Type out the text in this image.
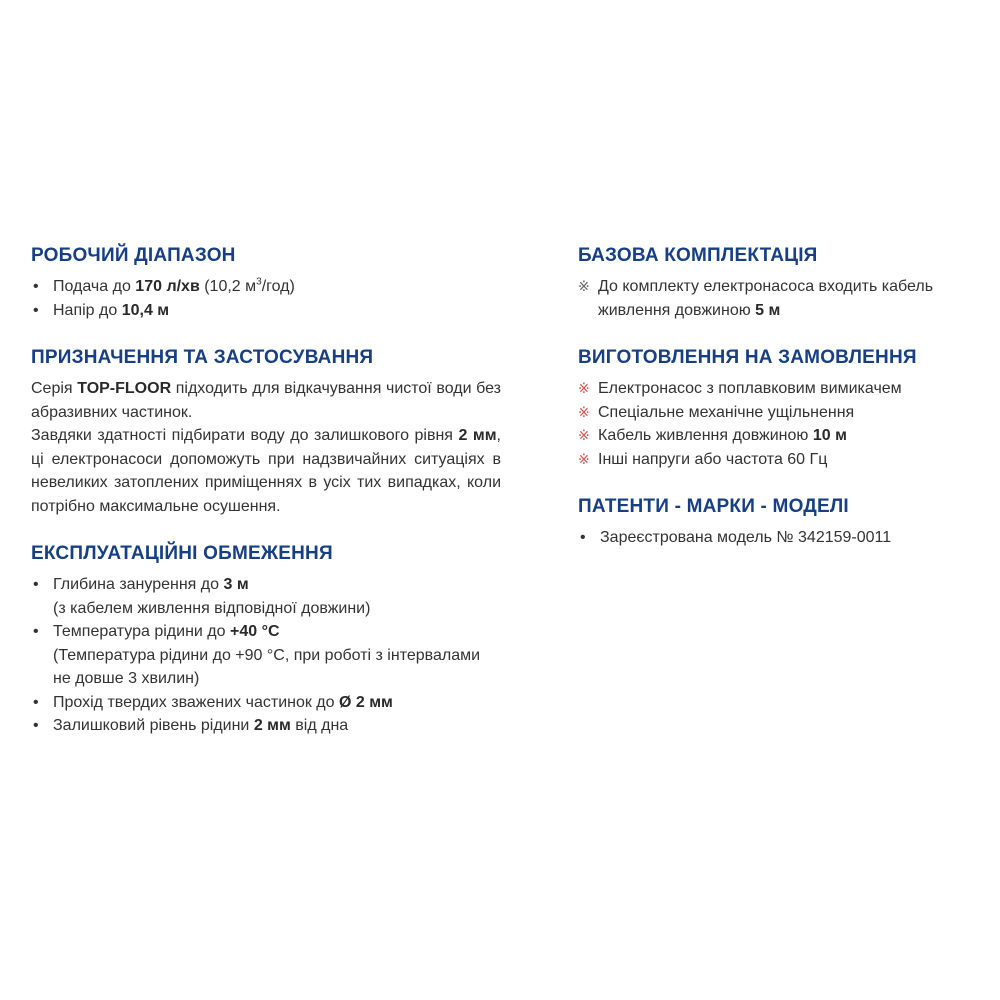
РОБОЧИЙ ДІАПАЗОН
• Подача до 170 л/хв (10,2 $м^3/год$)
• Напір до 10,4 м
ПРИЗНАЧЕННЯ ТА ЗАСТОСУВАННЯ

Серія TOP-FLOOR підходить для відкачування чистої води без абразивних частинок.

Завдяки здатності підбирати воду до залишкового рівня 2 мм, ці електронасоси допоможуть при надзвичайних ситуаціях в невеликих затоплених приміщеннях в усіх тих випадках, коли потрібно максимальне осушення.

ЕКСПЛУАТАЦІЙНІ ОБМЕЖЕННЯ
• Глибина занурення до 3 м
(з кабелем живлення відповідної довжини)
• Температура рідини до +40 °C
(Температура рідини до +90 °C, при роботі з інтервалами не довше 3 хвилин)
• Прохід твердих зважених частинок до Ø 2 мм
• Залишковий рівень рідини 2 мм від дна
БАЗОВА КОМПЛЕКТАЦІЯ
※ До комплекту електронасоса входить кабель живлення довжиною 5 м
ВИГОТОВЛЕННЯ НА ЗАМОВЛЕННЯ
※ Електронасос з поплавковим вимикачем
※ Спеціальне механічне ущільнення
※ Кабель живлення довжиною 10 м
※ Інші напруги або частота 60 Гц
ПАТЕНТИ - МАРКИ - МОДЕЛІ
• Зареєстрована модель № 342159-0011
